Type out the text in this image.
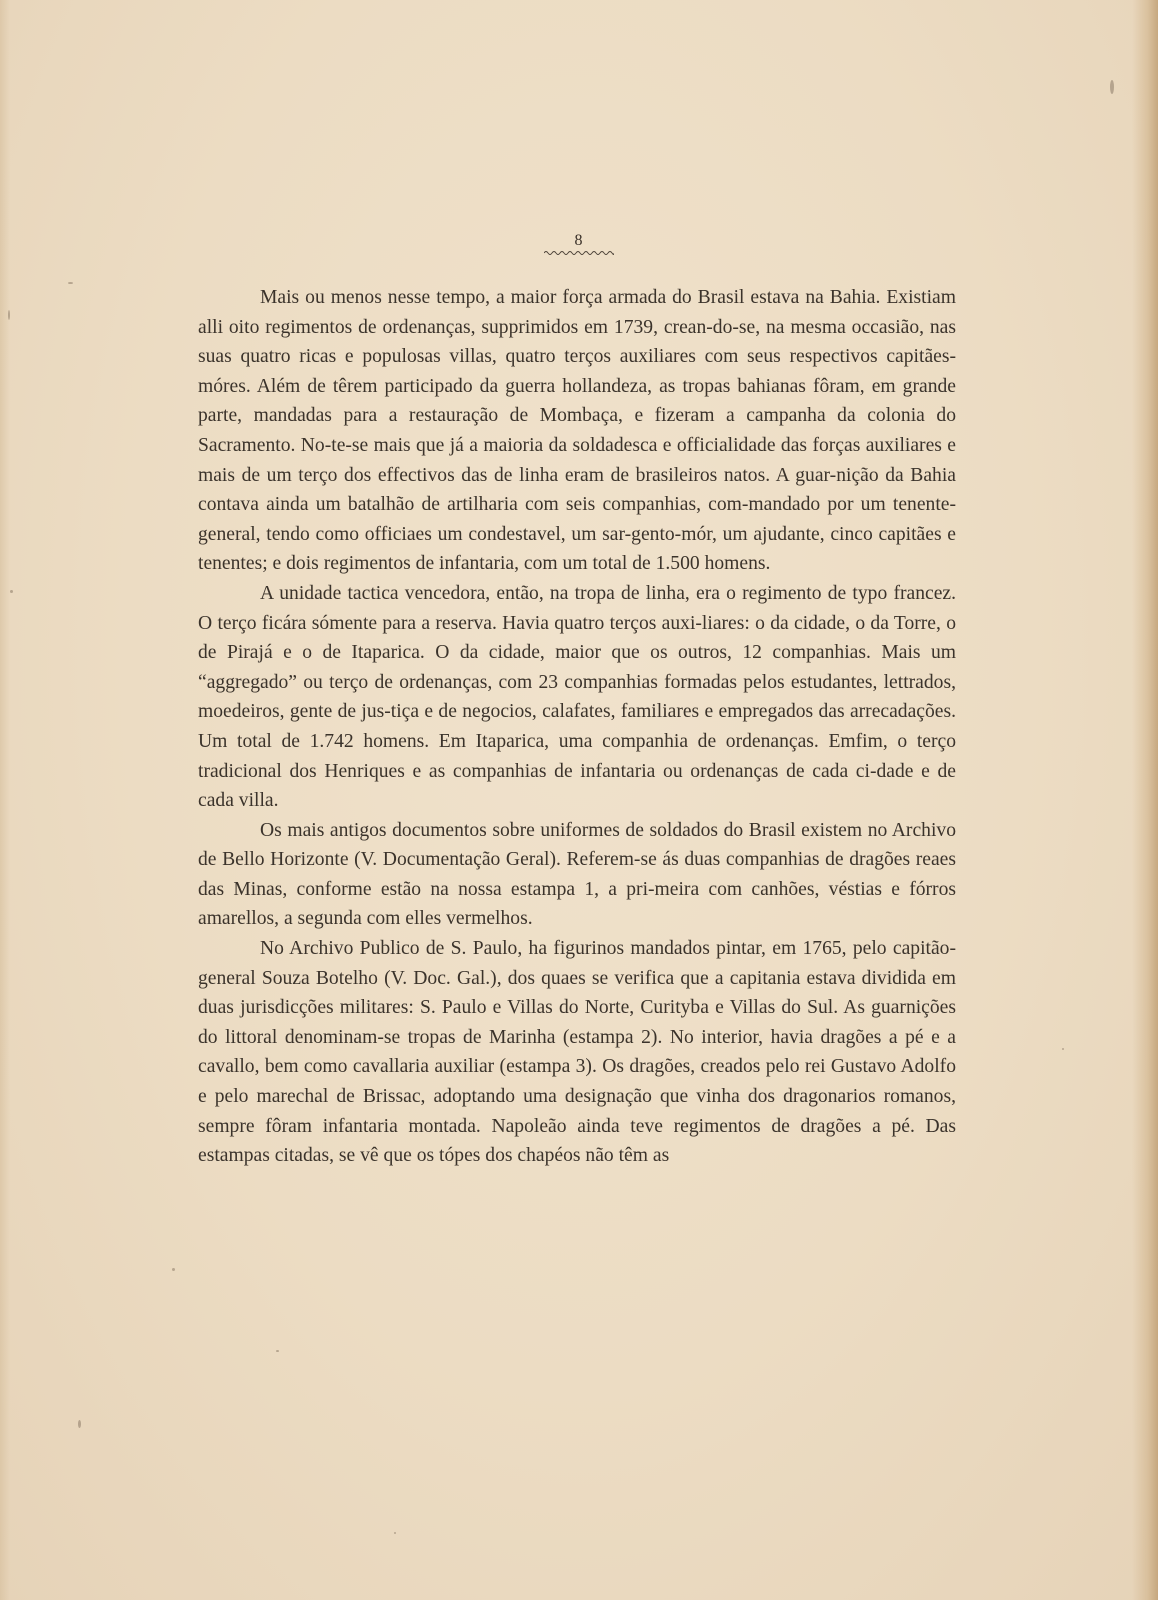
8

Mais ou menos nesse tempo, a maior força armada do Brasil estava na Bahia. Existiam alli oito regimentos de ordenanças, supprimidos em 1739, crean-do-se, na mesma occasião, nas suas quatro ricas e populosas villas, quatro terços auxiliares com seus respectivos capitães-móres. Além de têrem participado da guerra hollandeza, as tropas bahianas fôram, em grande parte, mandadas para a restauração de Mombaça, e fizeram a campanha da colonia do Sacramento. No-te-se mais que já a maioria da soldadesca e officialidade das forças auxiliares e mais de um terço dos effectivos das de linha eram de brasileiros natos. A guar-nição da Bahia contava ainda um batalhão de artilharia com seis companhias, com-mandado por um tenente-general, tendo como officiaes um condestavel, um sar-gento-mór, um ajudante, cinco capitães e tenentes; e dois regimentos de infantaria, com um total de 1.500 homens.

A unidade tactica vencedora, então, na tropa de linha, era o regimento de typo francez. O terço ficára sómente para a reserva. Havia quatro terços auxi-liares: o da cidade, o da Torre, o de Pirajá e o de Itaparica. O da cidade, maior que os outros, 12 companhias. Mais um “aggregado” ou terço de ordenanças, com 23 companhias formadas pelos estudantes, lettrados, moedeiros, gente de jus-tiça e de negocios, calafates, familiares e empregados das arrecadações. Um total de 1.742 homens. Em Itaparica, uma companhia de ordenanças. Emfim, o terço tradicional dos Henriques e as companhias de infantaria ou ordenanças de cada ci-dade e de cada villa.

Os mais antigos documentos sobre uniformes de soldados do Brasil existem no Archivo de Bello Horizonte (V. Documentação Geral). Referem-se ás duas companhias de dragões reaes das Minas, conforme estão na nossa estampa 1, a pri-meira com canhões, véstias e fórros amarellos, a segunda com elles vermelhos.

No Archivo Publico de S. Paulo, ha figurinos mandados pintar, em 1765, pelo capitão-general Souza Botelho (V. Doc. Gal.), dos quaes se verifica que a capitania estava dividida em duas jurisdicções militares: S. Paulo e Villas do Norte, Curityba e Villas do Sul. As guarnições do littoral denominam-se tropas de Marinha (estampa 2). No interior, havia dragões a pé e a cavallo, bem como cavallaria auxiliar (estampa 3). Os dragões, creados pelo rei Gustavo Adolfo e pelo marechal de Brissac, adoptando uma designação que vinha dos dragonarios romanos, sempre fôram infantaria montada. Napoleão ainda teve regimentos de dragões a pé. Das estampas citadas, se vê que os tópes dos chapéos não têm as
